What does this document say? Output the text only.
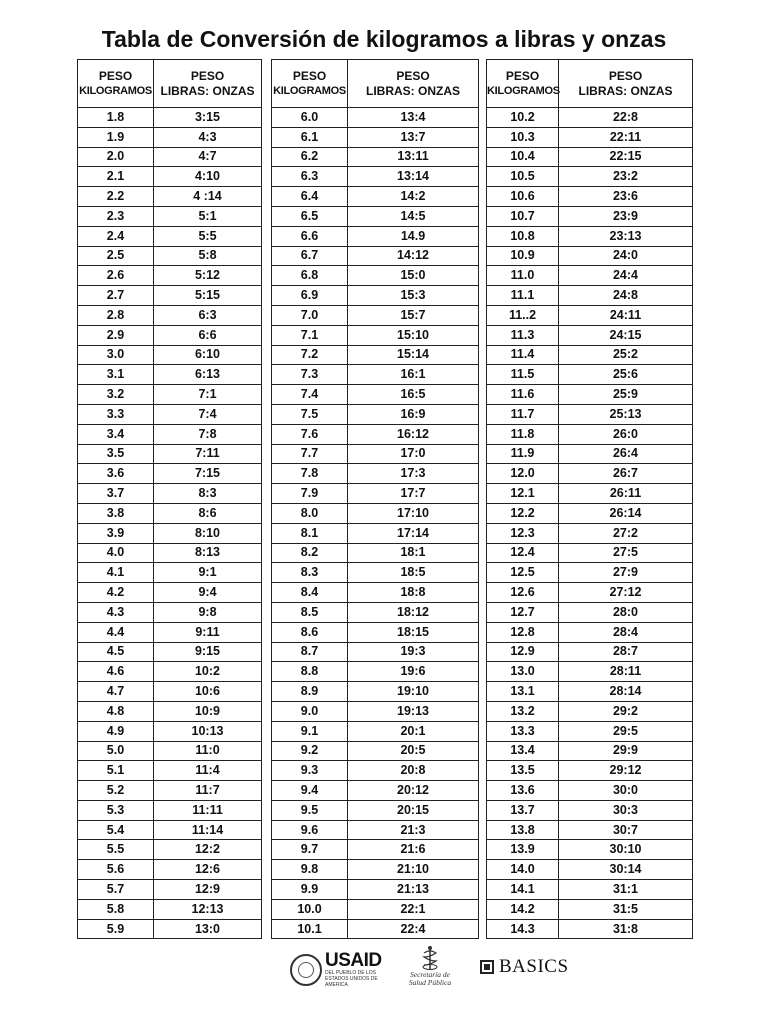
Tabla de Conversión de kilogramos a libras y onzas
PESO
KILOGRAMOS	PESO
LIBRAS: ONZAS

1.8	3:15
1.9	4:3
2.0	4:7
2.1	4:10
2.2	4 :14
2.3	5:1
2.4	5:5
2.5	5:8
2.6	5:12
2.7	5:15
2.8	6:3
2.9	6:6
3.0	6:10
3.1	6:13
3.2	7:1
3.3	7:4
3.4	7:8
3.5	7:11
3.6	7:15
3.7	8:3
3.8	8:6
3.9	8:10
4.0	8:13
4.1	9:1
4.2	9:4
4.3	9:8
4.4	9:11
4.5	9:15
4.6	10:2
4.7	10:6
4.8	10:9
4.9	10:13
5.0	11:0
5.1	11:4
5.2	11:7
5.3	11:11
5.4	11:14
5.5	12:2
5.6	12:6
5.7	12:9
5.8	12:13
5.9	13:0
PESO
KILOGRAMOS	PESO
LIBRAS: ONZAS

6.0	13:4
6.1	13:7
6.2	13:11
6.3	13:14
6.4	14:2
6.5	14:5
6.6	14.9
6.7	14:12
6.8	15:0
6.9	15:3
7.0	15:7
7.1	15:10
7.2	15:14
7.3	16:1
7.4	16:5
7.5	16:9
7.6	16:12
7.7	17:0
7.8	17:3
7.9	17:7
8.0	17:10
8.1	17:14
8.2	18:1
8.3	18:5
8.4	18:8
8.5	18:12
8.6	18:15
8.7	19:3
8.8	19:6
8.9	19:10
9.0	19:13
9.1	20:1
9.2	20:5
9.3	20:8
9.4	20:12
9.5	20:15
9.6	21:3
9.7	21:6
9.8	21:10
9.9	21:13
10.0	22:1
10.1	22:4
PESO
KILOGRAMOS	PESO
LIBRAS: ONZAS

10.2	22:8
10.3	22:11
10.4	22:15
10.5	23:2
10.6	23:6
10.7	23:9
10.8	23:13
10.9	24:0
11.0	24:4
11.1	24:8
11..2	24:11
11.3	24:15
11.4	25:2
11.5	25:6
11.6	25:9
11.7	25:13
11.8	26:0
11.9	26:4
12.0	26:7
12.1	26:11
12.2	26:14
12.3	27:2
12.4	27:5
12.5	27:9
12.6	27:12
12.7	28:0
12.8	28:4
12.9	28:7
13.0	28:11
13.1	28:14
13.2	29:2
13.3	29:5
13.4	29:9
13.5	29:12
13.6	30:0
13.7	30:3
13.8	30:7
13.9	30:10
14.0	30:14
14.1	31:1
14.2	31:5
14.3	31:8
USAID
DEL PUEBLO DE LOS ESTADOS UNIDOS DE AMERICA
Secretaría de
Salud Pública
BASICS
